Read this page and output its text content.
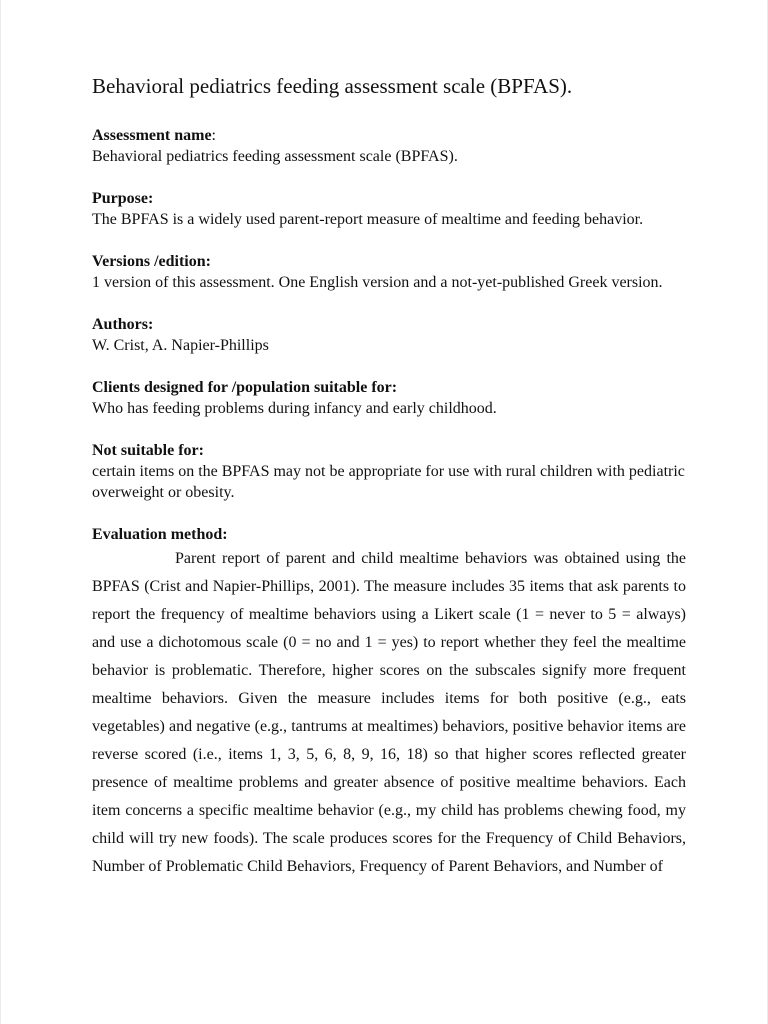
Behavioral pediatrics feeding assessment scale (BPFAS).
Assessment name:
Behavioral pediatrics feeding assessment scale (BPFAS).
Purpose:
The BPFAS is a widely used parent-report measure of mealtime and feeding behavior.
Versions /edition:
1 version of this assessment. One English version and a not-yet-published Greek version.
Authors:
W. Crist, A. Napier-Phillips
Clients designed for /population suitable for:
Who has feeding problems during infancy and early childhood.
Not suitable for:
certain items on the BPFAS may not be appropriate for use with rural children with pediatric overweight or obesity.
Evaluation method:

Parent report of parent and child mealtime behaviors was obtained using the BPFAS (Crist and Napier-Phillips, 2001). The measure includes 35 items that ask parents to report the frequency of mealtime behaviors using a Likert scale (1 = never to 5 = always) and use a dichotomous scale (0 = no and 1 = yes) to report whether they feel the mealtime behavior is problematic. Therefore, higher scores on the subscales signify more frequent mealtime behaviors. Given the measure includes items for both positive (e.g., eats vegetables) and negative (e.g., tantrums at mealtimes) behaviors, positive behavior items are reverse scored (i.e., items 1, 3, 5, 6, 8, 9, 16, 18) so that higher scores reflected greater presence of mealtime problems and greater absence of positive mealtime behaviors. Each item concerns a specific mealtime behavior (e.g., my child has problems chewing food, my child will try new foods). The scale produces scores for the Frequency of Child Behaviors, Number of Problematic Child Behaviors, Frequency of Parent Behaviors, and Number of
